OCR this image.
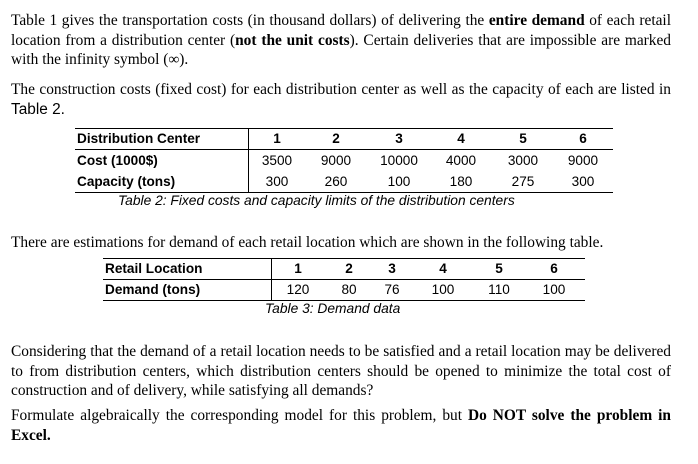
Table 1 gives the transportation costs (in thousand dollars) of delivering the entire demand of each retail location from a distribution center (not the unit costs). Certain deliveries that are impossible are marked with the infinity symbol (∞).

The construction costs (fixed cost) for each distribution center as well as the capacity of each are listed in Table 2.

Distribution Center	1	2	3	4	5	6
Cost (1000$)	3500 9000 10000 4000 3000 9000
Capacity (tons)	300	260	100	180	275	300
Table 2: Fixed costs and capacity limits of the distribution centers

There are estimations for demand of each retail location which are shown in the following table.

Retail Location	1	2	3	4	5	6
Demand (tons)	120 80 76 100 110 100
Table 3: Demand data

Considering that the demand of a retail location needs to be satisfied and a retail location may be delivered to from distribution centers, which distribution centers should be opened to minimize the total cost of construction and of delivery, while satisfying all demands?

Formulate algebraically the corresponding model for this problem, but Do NOT solve the problem in Excel.
